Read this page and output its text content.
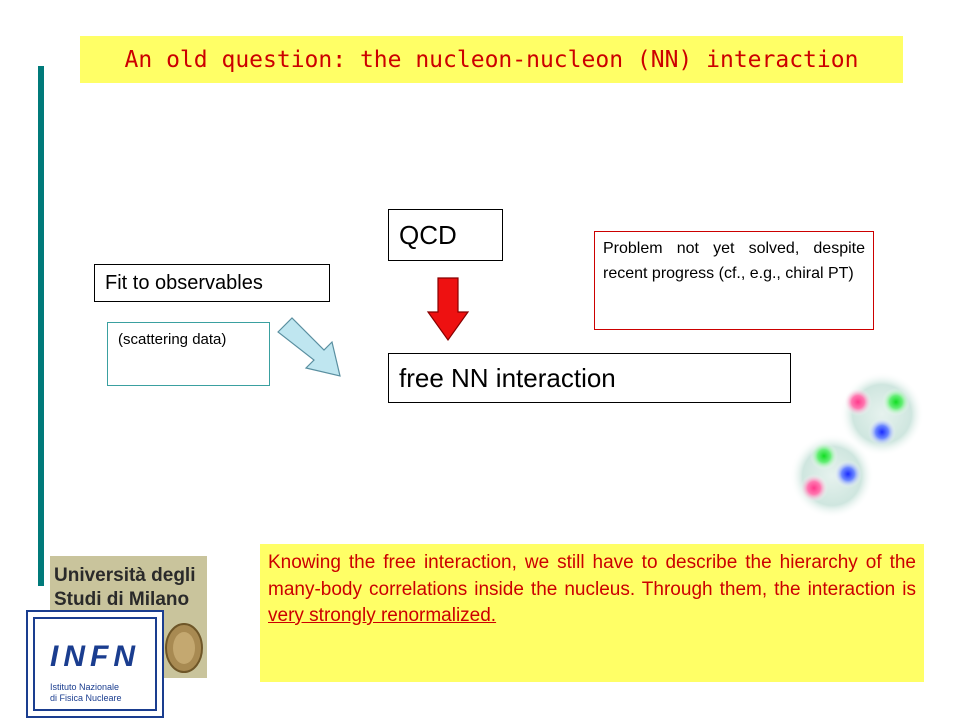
An old question: the nucleon-nucleon (NN) interaction
Fit to observables
(scattering data)
QCD
free NN interaction
Problem not yet solved, despite recent progress (cf., e.g., chiral PT)
Knowing the free interaction, we still have to describe the hierarchy of the many-body correlations inside the nucleus. Through them, the interaction is very strongly renormalized.
Università degli
Studi di Milano
INFN
Istituto Nazionale
di Fisica Nucleare
